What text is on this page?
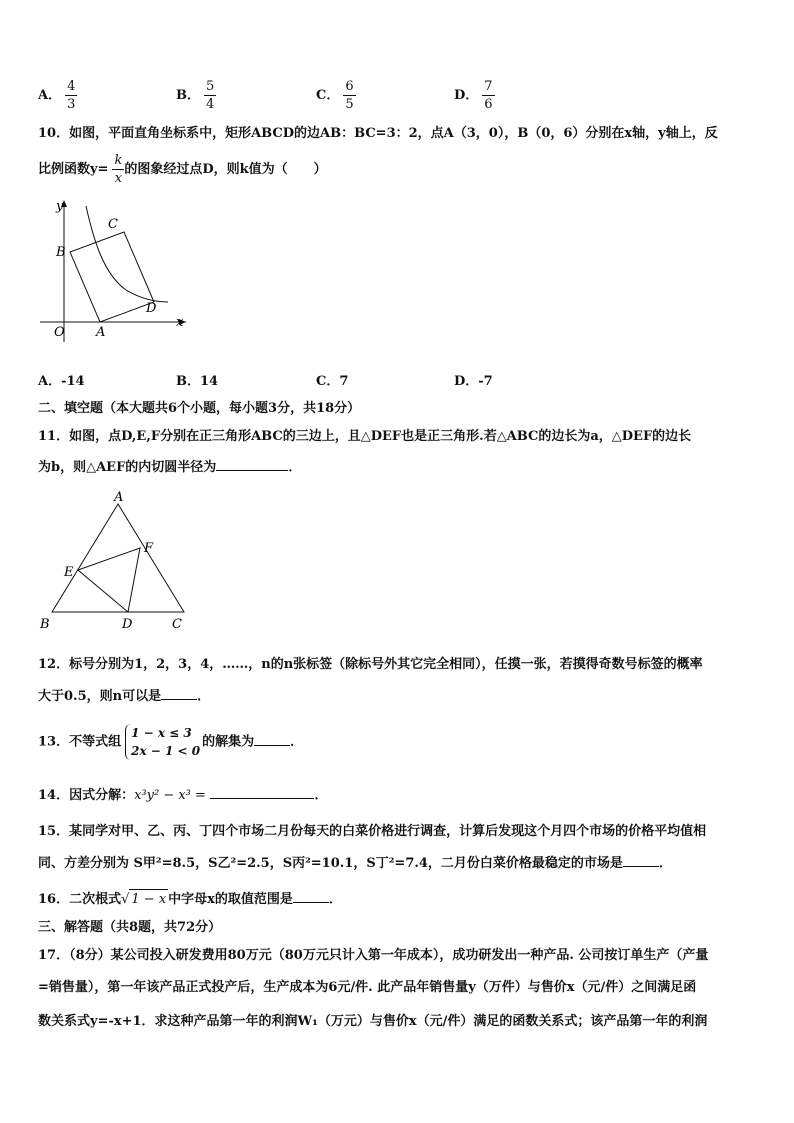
A． $\frac{4}{3}$	B． $\frac{5}{4}$	C． $\frac{6}{5}$	D． $\frac{7}{6}$
10．如图，平面直角坐标系中，矩形ABCD的边AB：BC=3：2，点A（3，0），B（0，6）分别在x轴，y轴上，反
比例函数$y= \frac{k}{x}$ 的图象经过点D，则k值为（　　）
y
C
B
D
O A
x
A．-14	B．14	C．7	D．-7
二、填空题（本大题共6个小题，每小题3分，共18分）
11．如图，点D,E,F分别在正三角形ABC的三边上，且△DEF也是正三角形.若△ABC的边长为a，△DEF的边长
为b，则△AEF的内切圆半径为	．
A
F
E
B	D	C
12．标号分别为1，2，3，4，……，n的n张标签（除标号外其它完全相同），任摸一张，若摸得奇数号标签的概率
大于0.5，则n可以是	．
13．不等式组
1 − x ≤ 3
2x − 1 < 0
的解集为	．
14．因式分解：x³y² − x³ =	．
15．某同学对甲、乙、丙、丁四个市场二月份每天的白菜价格进行调查，计算后发现这个月四个市场的价格平均值相
同、方差分别为 S甲²=8.5，S乙²=2.5，S丙²=10.1，S丁²=7.4，二月份白菜价格最稳定的市场是	．
16．二次根式√ 1 − x 中字母x的取值范围是	．
三、解答题（共8题，共72分）
17．（8分）某公司投入研发费用80万元（80万元只计入第一年成本），成功研发出一种产品. 公司按订单生产（产量
=销售量），第一年该产品正式投产后，生产成本为6元/件. 此产品年销售量y（万件）与售价x（元/件）之间满足函
数关系式y=-x+1．求这种产品第一年的利润W₁（万元）与售价x（元/件）满足的函数关系式；该产品第一年的利润
